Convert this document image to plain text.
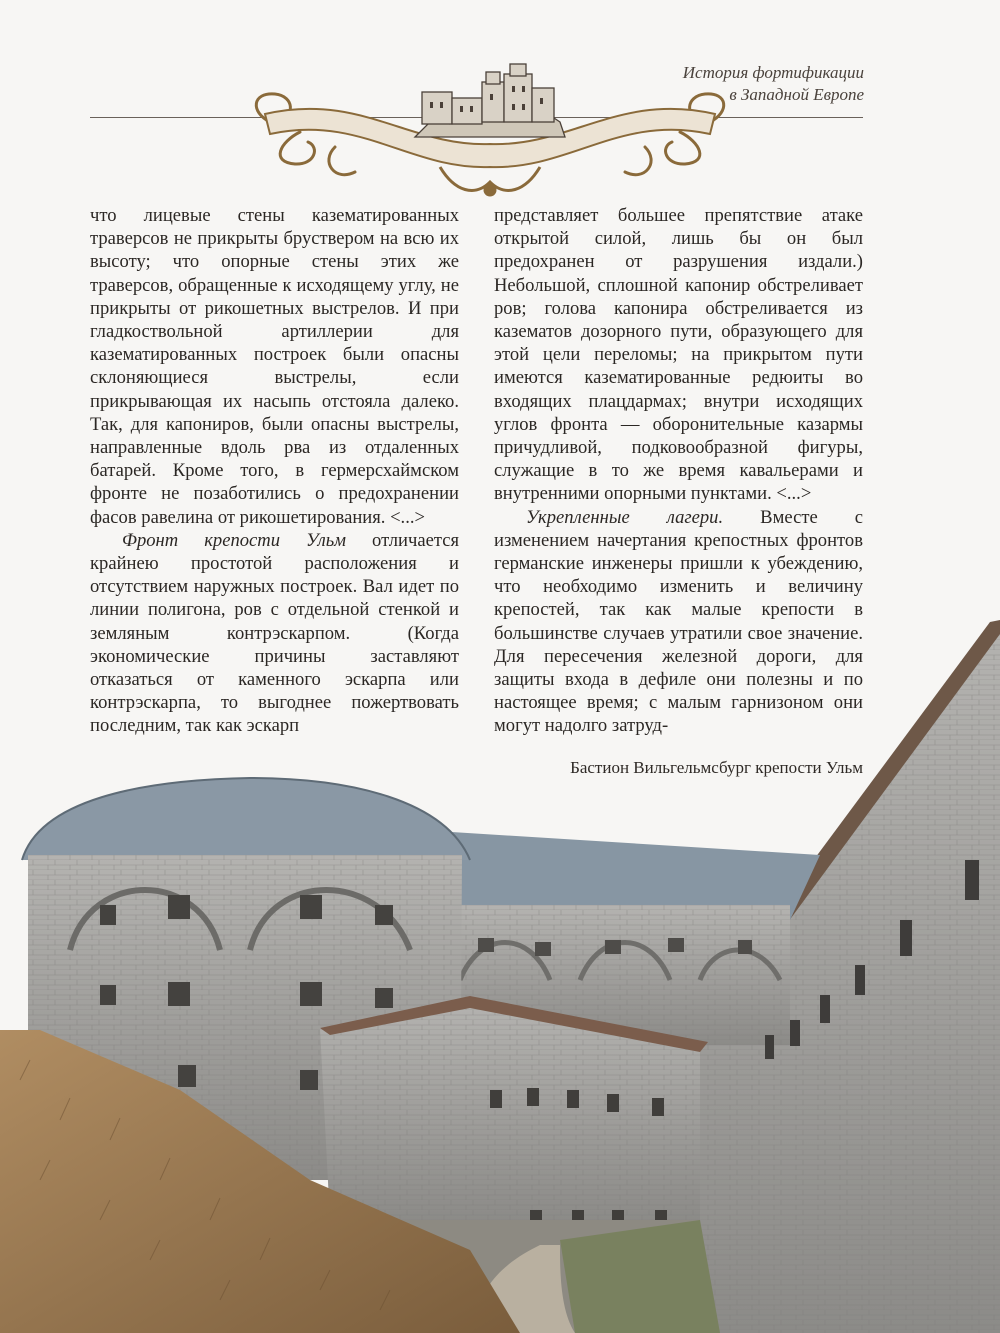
История фортификации
в Западной Европе

что лицевые стены казематированных траверсов не прикрыты бруствером на всю их высоту; что опорные стены этих же траверсов, обращенные к исходящему углу, не прикрыты от рикошетных выстрелов. И при гладкоствольной артиллерии для казематированных построек были опасны склоняющиеся выстрелы, если прикрывающая их насыпь отстояла далеко. Так, для капониров, были опасны выстрелы, направленные вдоль рва из отдаленных батарей. Кроме того, в гермерсхаймском фронте не позаботились о предохранении фасов равелина от рикошетирования. <...>

Фронт крепости Ульм отличается крайнею простотой расположения и отсутствием наружных построек. Вал идет по линии полигона, ров с отдельной стенкой и земляным контрэскарпом. (Когда экономические причины заставляют отказаться от каменного эскарпа или контрэскарпа, то выгоднее пожертвовать последним, так как эскарп

представляет большее препятствие атаке открытой силой, лишь бы он был предохранен от разрушения издали.) Небольшой, сплошной капонир обстреливает ров; голова капонира обстреливается из казематов дозорного пути, образующего для этой цели переломы; на прикрытом пути имеются казематированные редюиты во входящих плацдармах; внутри исходящих углов фронта — оборонительные казармы причудливой, подковообразной фигуры, служащие в то же время кавальерами и внутренними опорными пунктами. <...>

Укрепленные лагери. Вместе с изменением начертания крепостных фронтов германские инженеры пришли к убеждению, что необходимо изменить и величину крепостей, так как малые крепости в большинстве случаев утратили свое значение. Для пересечения железной дороги, для защиты входа в дефиле они полезны и по настоящее время; с малым гарнизоном они могут надолго затруд-

Бастион Вильгельмсбург крепости Ульм
